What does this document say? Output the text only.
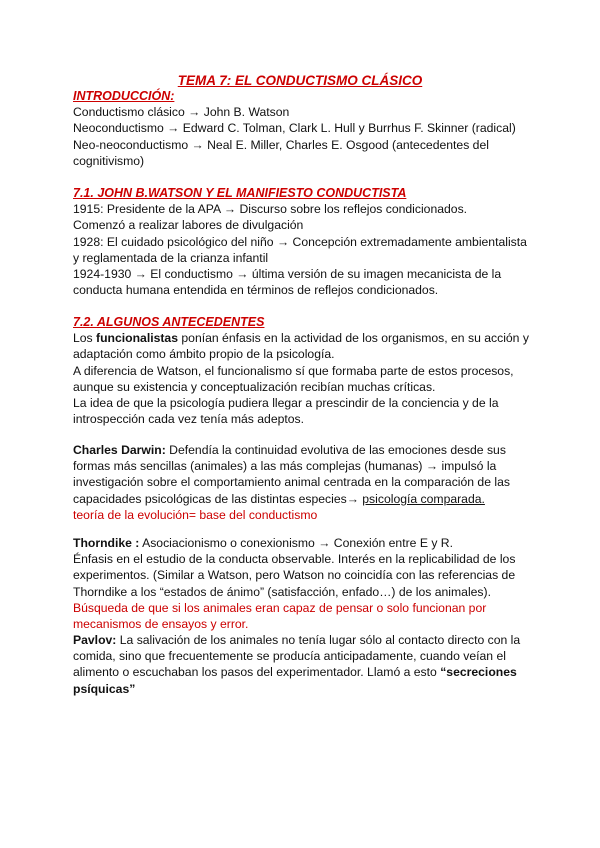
TEMA 7: EL CONDUCTISMO CLÁSICO
INTRODUCCIÓN:
Conductismo clásico → John B. Watson
Neoconductismo → Edward C. Tolman, Clark L. Hull y Burrhus F. Skinner (radical)
Neo-neoconductismo → Neal E. Miller, Charles E. Osgood (antecedentes del
cognitivismo)
7.1. JOHN B.WATSON Y EL MANIFIESTO CONDUCTISTA
1915: Presidente de la APA → Discurso sobre los reflejos condicionados.
Comenzó a realizar labores de divulgación
1928: El cuidado psicológico del niño → Concepción extremadamente ambientalista
y reglamentada de la crianza infantil
1924-1930 → El conductismo → última versión de su imagen mecanicista de la
conducta humana entendida en términos de reflejos condicionados.
7.2. ALGUNOS ANTECEDENTES
Los funcionalistas ponían énfasis en la actividad de los organismos, en su acción y
adaptación como ámbito propio de la psicología.
A diferencia de Watson, el funcionalismo sí que formaba parte de estos procesos,
aunque su existencia y conceptualización recibían muchas críticas.
La idea de que la psicología pudiera llegar a prescindir de la conciencia y de la
introspección cada vez tenía más adeptos.
Charles Darwin: Defendía la continuidad evolutiva de las emociones desde sus
formas más sencillas (animales) a las más complejas (humanas) → impulsó la
investigación sobre el comportamiento animal centrada en la comparación de las
capacidades psicológicas de las distintas especies→ psicología comparada.
teoría de la evolución= base del conductismo
Thorndike : Asociacionismo o conexionismo → Conexión entre E y R.
Énfasis en el estudio de la conducta observable. Interés en la replicabilidad de los
experimentos. (Similar a Watson, pero Watson no coincidía con las referencias de
Thorndike a los “estados de ánimo” (satisfacción, enfado…) de los animales).
Búsqueda de que si los animales eran capaz de pensar o solo funcionan por
mecanismos de ensayos y error.
Pavlov: La salivación de los animales no tenía lugar sólo al contacto directo con la
comida, sino que frecuentemente se producía anticipadamente, cuando veían el
alimento o escuchaban los pasos del experimentador. Llamó a esto “secreciones
psíquicas”
